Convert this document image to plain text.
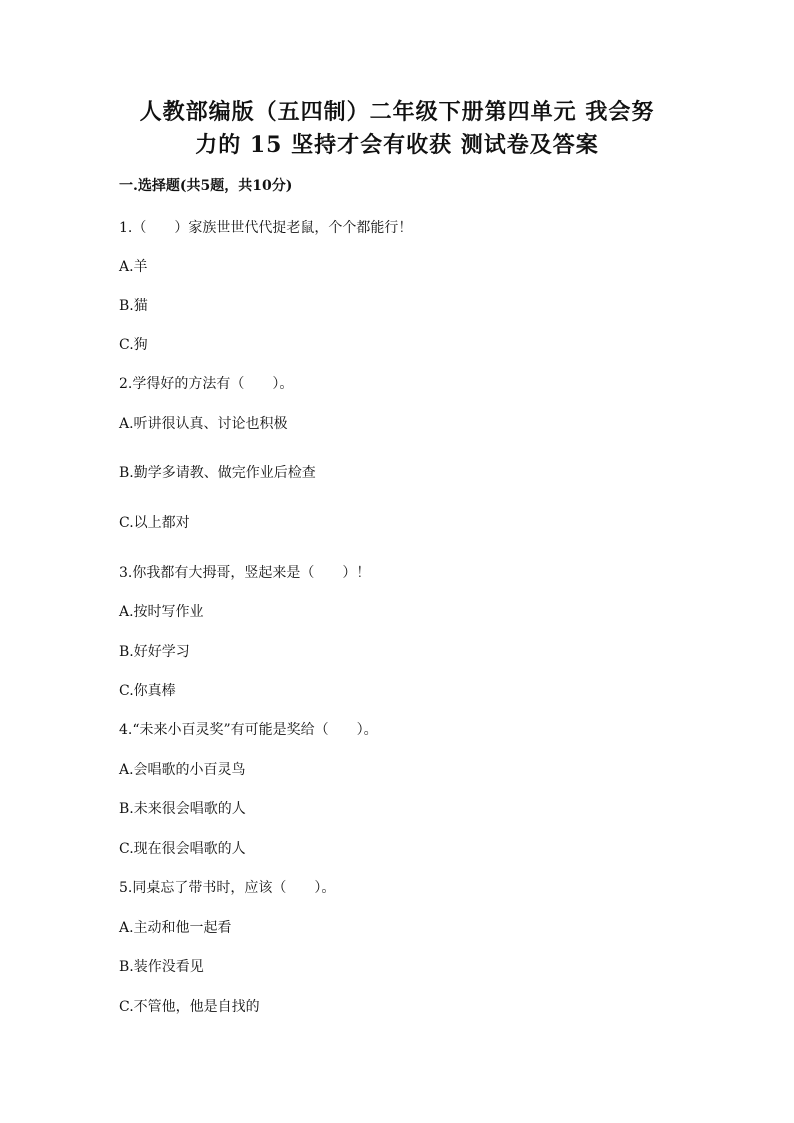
人教部编版（五四制）二年级下册第四单元 我会努
力的 15 坚持才会有收获 测试卷及答案
一.选择题(共5题，共10分)
1.（　　）家族世世代代捉老鼠，个个都能行！
A.羊
B.猫
C.狗
2.学得好的方法有（　　）。
A.听讲很认真、讨论也积极
B.勤学多请教、做完作业后检查
C.以上都对
3.你我都有大拇哥，竖起来是（　　）！
A.按时写作业
B.好好学习
C.你真棒
4.“未来小百灵奖”有可能是奖给（　　）。
A.会唱歌的小百灵鸟
B.未来很会唱歌的人
C.现在很会唱歌的人
5.同桌忘了带书时，应该（　　）。
A.主动和他一起看
B.装作没看见
C.不管他，他是自找的
